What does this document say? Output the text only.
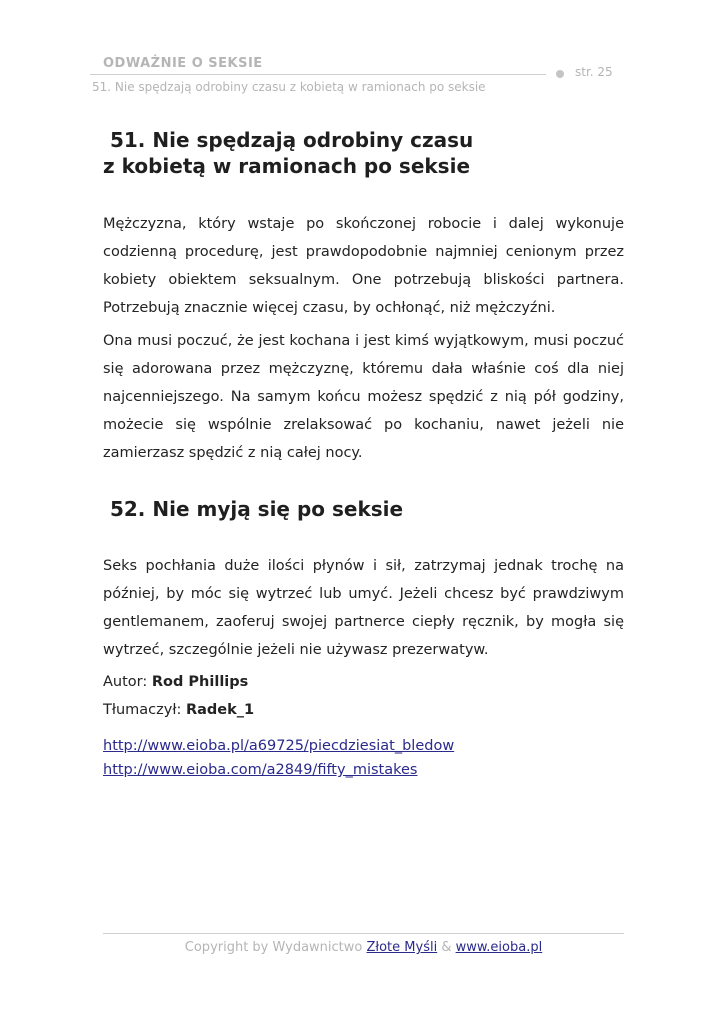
ODWAŻNIE O SEKSIE
str. 25
51. Nie spędzają odrobiny czasu z kobietą w ramionach po seksie
51. Nie spędzają odrobiny czasu
z kobietą w ramionach po seksie

Mężczyzna, który wstaje po skończonej robocie i dalej wykonuje codzienną procedurę, jest prawdopodobnie najmniej cenionym przez kobiety obiektem seksualnym. One potrzebują bliskości partnera. Potrzebują znacznie więcej czasu, by ochłonąć, niż mężczyźni.

Ona musi poczuć, że jest kochana i jest kimś wyjątkowym, musi poczuć się adorowana przez mężczyznę, któremu dała właśnie coś dla niej najcenniejszego. Na samym końcu możesz spędzić z nią pół godziny, możecie się wspólnie zrelaksować po kochaniu, nawet jeżeli nie zamierzasz spędzić z nią całej nocy.

52. Nie myją się po seksie

Seks pochłania duże ilości płynów i sił, zatrzymaj jednak trochę na później, by móc się wytrzeć lub umyć. Jeżeli chcesz być prawdziwym gentlemanem, zaoferuj swojej partnerce ciepły ręcznik, by mogła się wytrzeć, szczególnie jeżeli nie używasz prezerwatyw.

Autor: Rod Phillips
Tłumaczył: Radek_1
http://www.eioba.pl/a69725/piecdziesiat_bledow
http://www.eioba.com/a2849/fifty_mistakes
Copyright by Wydawnictwo Złote Myśli & www.eioba.pl
